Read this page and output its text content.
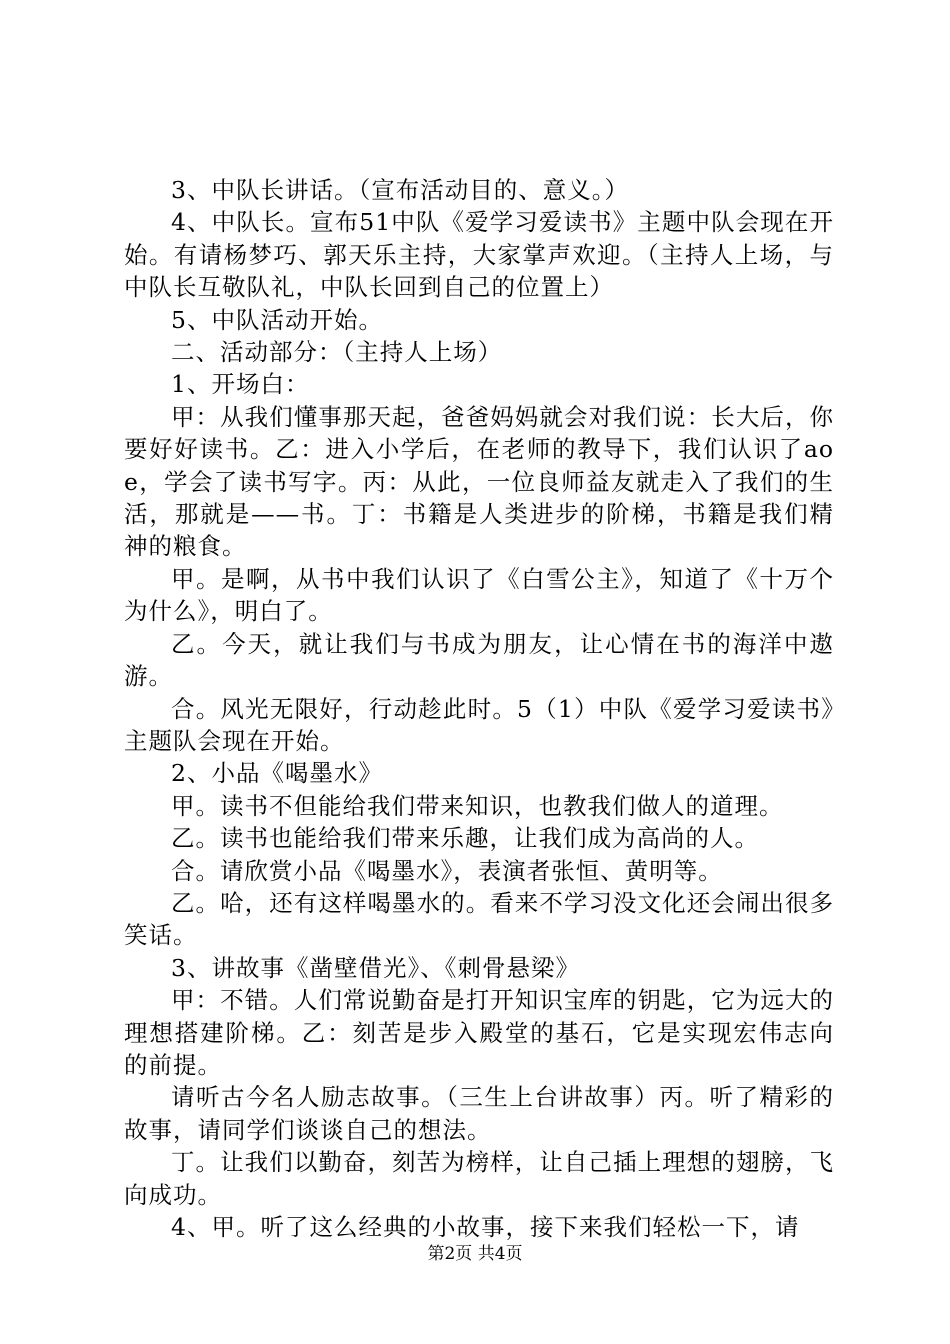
3、中队长讲话。（宣布活动目的、意义。）

4、中队长。宣布51中队《爱学习爱读书》主题中队会现在开始。有请杨梦巧、郭天乐主持，大家掌声欢迎。（主持人上场，与中队长互敬队礼，中队长回到自己的位置上）

5、中队活动开始。

二、活动部分：（主持人上场）

1、开场白：

甲：从我们懂事那天起，爸爸妈妈就会对我们说：长大后，你要好好读书。乙：进入小学后，在老师的教导下，我们认识了aoe，学会了读书写字。丙：从此，一位良师益友就走入了我们的生活，那就是——书。丁：书籍是人类进步的阶梯，书籍是我们精神的粮食。

甲。是啊，从书中我们认识了《白雪公主》，知道了《十万个为什么》，明白了。

乙。今天，就让我们与书成为朋友，让心情在书的海洋中遨游。

合。风光无限好，行动趁此时。5（1）中队《爱学习爱读书》主题队会现在开始。

2、小品《喝墨水》

甲。读书不但能给我们带来知识，也教我们做人的道理。

乙。读书也能给我们带来乐趣，让我们成为高尚的人。

合。请欣赏小品《喝墨水》，表演者张恒、黄明等。

乙。哈，还有这样喝墨水的。看来不学习没文化还会闹出很多笑话。

3、讲故事《凿壁借光》、《刺骨悬梁》

甲：不错。人们常说勤奋是打开知识宝库的钥匙，它为远大的理想搭建阶梯。乙：刻苦是步入殿堂的基石，它是实现宏伟志向的前提。

请听古今名人励志故事。（三生上台讲故事）丙。听了精彩的故事，请同学们谈谈自己的想法。

丁。让我们以勤奋，刻苦为榜样，让自己插上理想的翅膀，飞向成功。

4、甲。听了这么经典的小故事，接下来我们轻松一下，请

第2页 共4页
